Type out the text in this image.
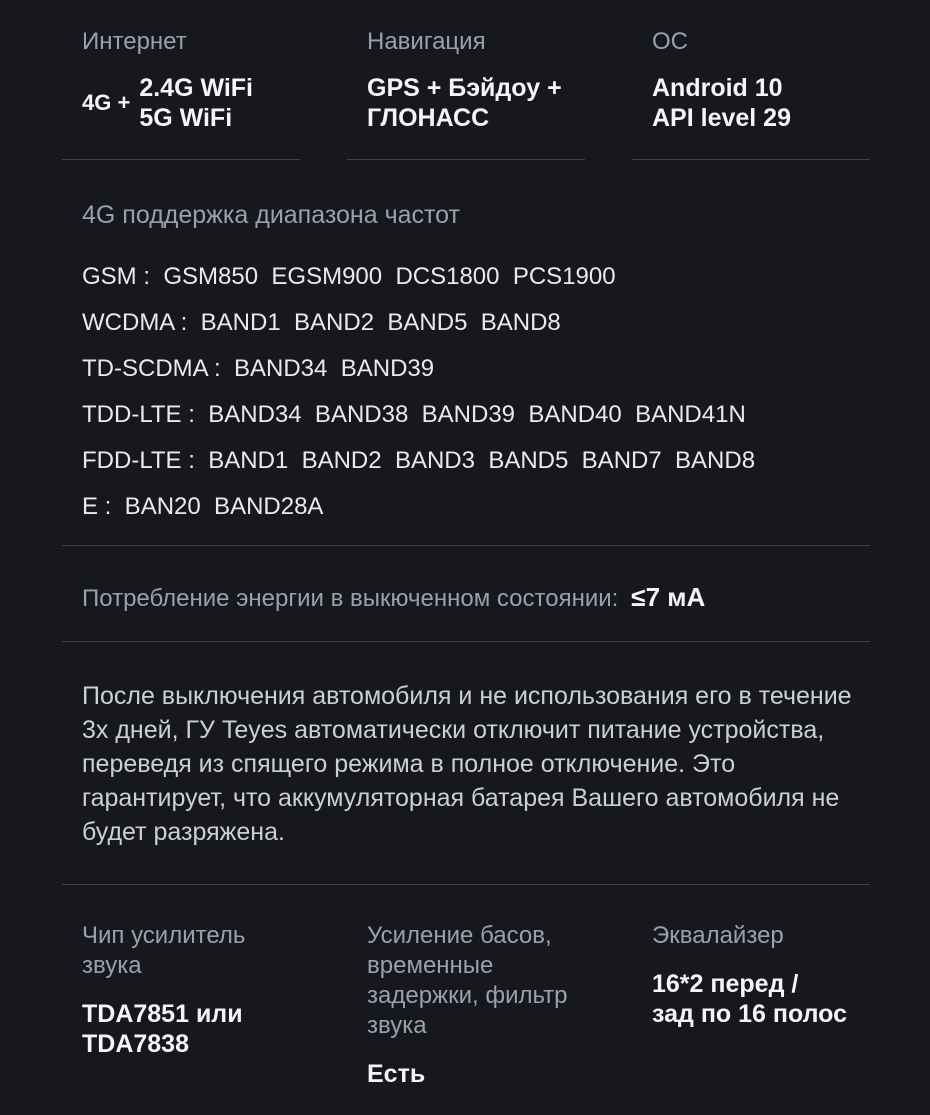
Интернет
4G +
2.4G WiFi
5G WiFi
Навигация
GPS + Бэйдоу +
ГЛОНАСС
ОС
Android 10
API level 29
4G поддержка диапазона частот
GSM :  GSM850  EGSM900  DCS1800  PCS1900
WCDMA :  BAND1  BAND2  BAND5  BAND8
TD-SCDMA :  BAND34  BAND39
TDD-LTE :  BAND34  BAND38  BAND39  BAND40  BAND41N
FDD-LTE :  BAND1  BAND2  BAND3  BAND5  BAND7  BAND8
E :  BAN20  BAND28A
Потребление энергии в выкюченном состоянии: ≤7 мА

После выключения автомобиля и не использования его в течение 3х дней, ГУ Teyes автоматически отключит питание устройства, переведя из спящего режима в полное отключение. Это гарантирует, что аккумуляторная батарея Вашего автомобиля не будет разряжена.

Чип усилитель звука
TDA7851 или
TDA7838
Усиление басов, временные задержки, фильтр звука
Есть
Эквалайзер
16*2 перед /
зад по 16 полос
